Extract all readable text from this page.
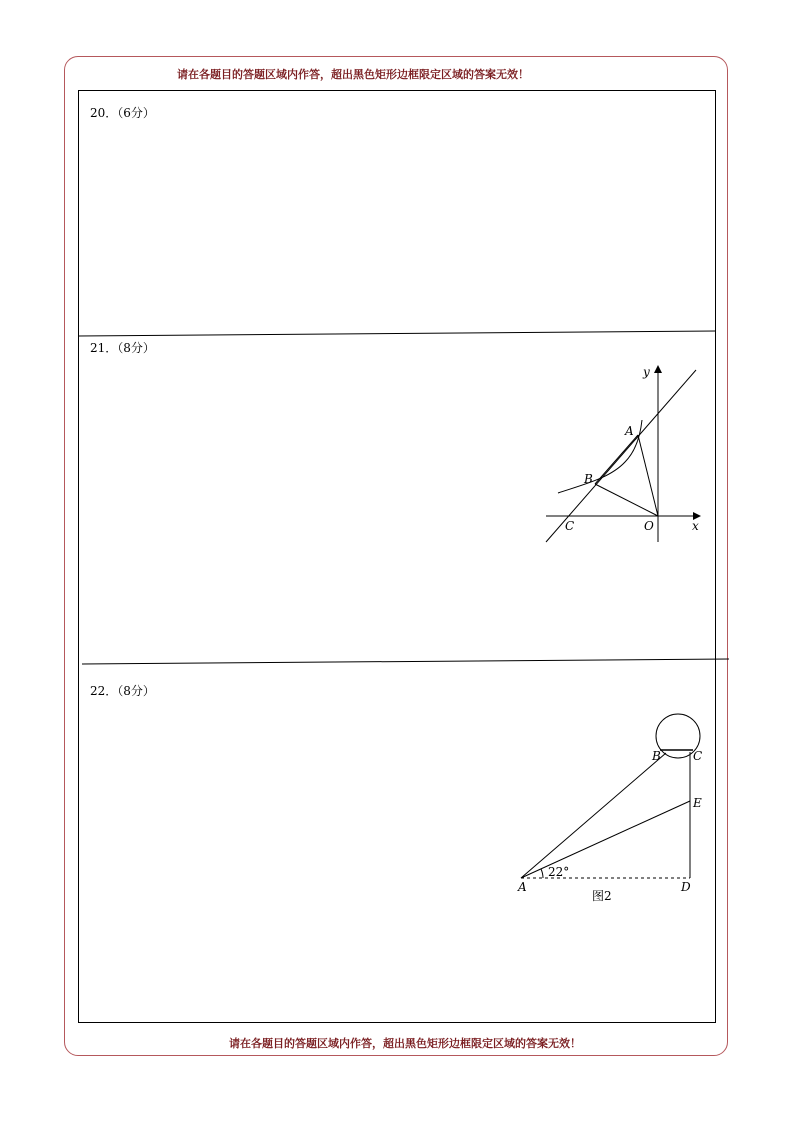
请在各题目的答题区域内作答，超出黑色矩形边框限定区域的答案无效！
20．（6分）
21．（8分）
22．（8分）
y
x
A
B
C	O
B	C
E
A	D
22°
图2
请在各题目的答题区域内作答，超出黑色矩形边框限定区域的答案无效！
